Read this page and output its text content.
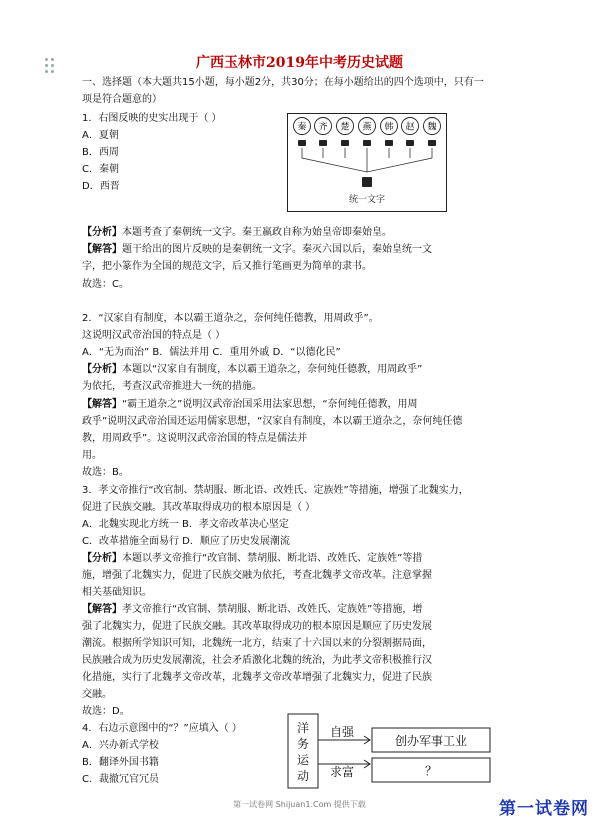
广西玉林市2019年中考历史试题
一、选择题（本大题共15小题，每小题2分，共30分；在每小题给出的四个选项中，只有一
项是符合题意的）
1．右图反映的史实出现于（ ）
A．夏朝
B．西周
C．秦朝
D．西晋
秦 齐 楚 燕 韩 赵 魏
统一文字
【分析】本题考查了秦朝统一文字。秦王嬴政自称为始皇帝即秦始皇。
【解答】题干给出的图片反映的是秦朝统一文字。秦灭六国以后，秦始皇统一文
字，把小篆作为全国的规范文字，后又推行笔画更为简单的隶书。
故选：C。
2．“汉家自有制度，本以霸王道杂之，奈何纯任德教，用周政乎”。
这说明汉武帝治国的特点是（ ）
A．“无为而治” B．儒法并用 C．重用外戚 D．“以德化民”
【分析】本题以“汉家自有制度，本以霸王道杂之，奈何纯任德教，用周政乎”
为依托，考查汉武帝推进大一统的措施。
【解答】“霸王道杂之”说明汉武帝治国采用法家思想，“奈何纯任德教，用周
政乎”说明汉武帝治国还运用儒家思想，“汉家自有制度，本以霸王道杂之，奈何纯任德
教，用周政乎”。这说明汉武帝治国的特点是儒法并
用。
故选：B。
3．孝文帝推行“改官制、禁胡服、断北语、改姓氏、定族姓”等措施，增强了北魏实力，
促进了民族交融。其改革取得成功的根本原因是（ ）
A．北魏实现北方统一 B．孝文帝改革决心坚定
C．改革措施全面易行 D．顺应了历史发展潮流
【分析】本题以孝文帝推行“改官制、禁胡服、断北语、改姓氏、定族姓”等措
施，增强了北魏实力，促进了民族交融为依托，考查北魏孝文帝改革。注意掌握
相关基础知识。
【解答】孝文帝推行“改官制、禁胡服、断北语、改姓氏、定族姓”等措施，增
强了北魏实力，促进了民族交融。其改革取得成功的根本原因是顺应了历史发展
潮流。根据所学知识可知，北魏统一北方，结束了十六国以来的分裂割据局面，
民族融合成为历史发展潮流，社会矛盾激化北魏的统治，为此孝文帝积极推行汉
化措施，实行了北魏孝文帝改革，北魏孝文帝改革增强了北魏实力，促进了民族
交融。
故选：D。
4．右边示意图中的“？”应填入（ ）
A．兴办新式学校
B．翻译外国书籍
C．裁撤冗官冗员
洋
务
运
动
自强
求富
创办军事工业
？
第一试卷网 Shijuan1.Com 提供下载	第一试卷网
